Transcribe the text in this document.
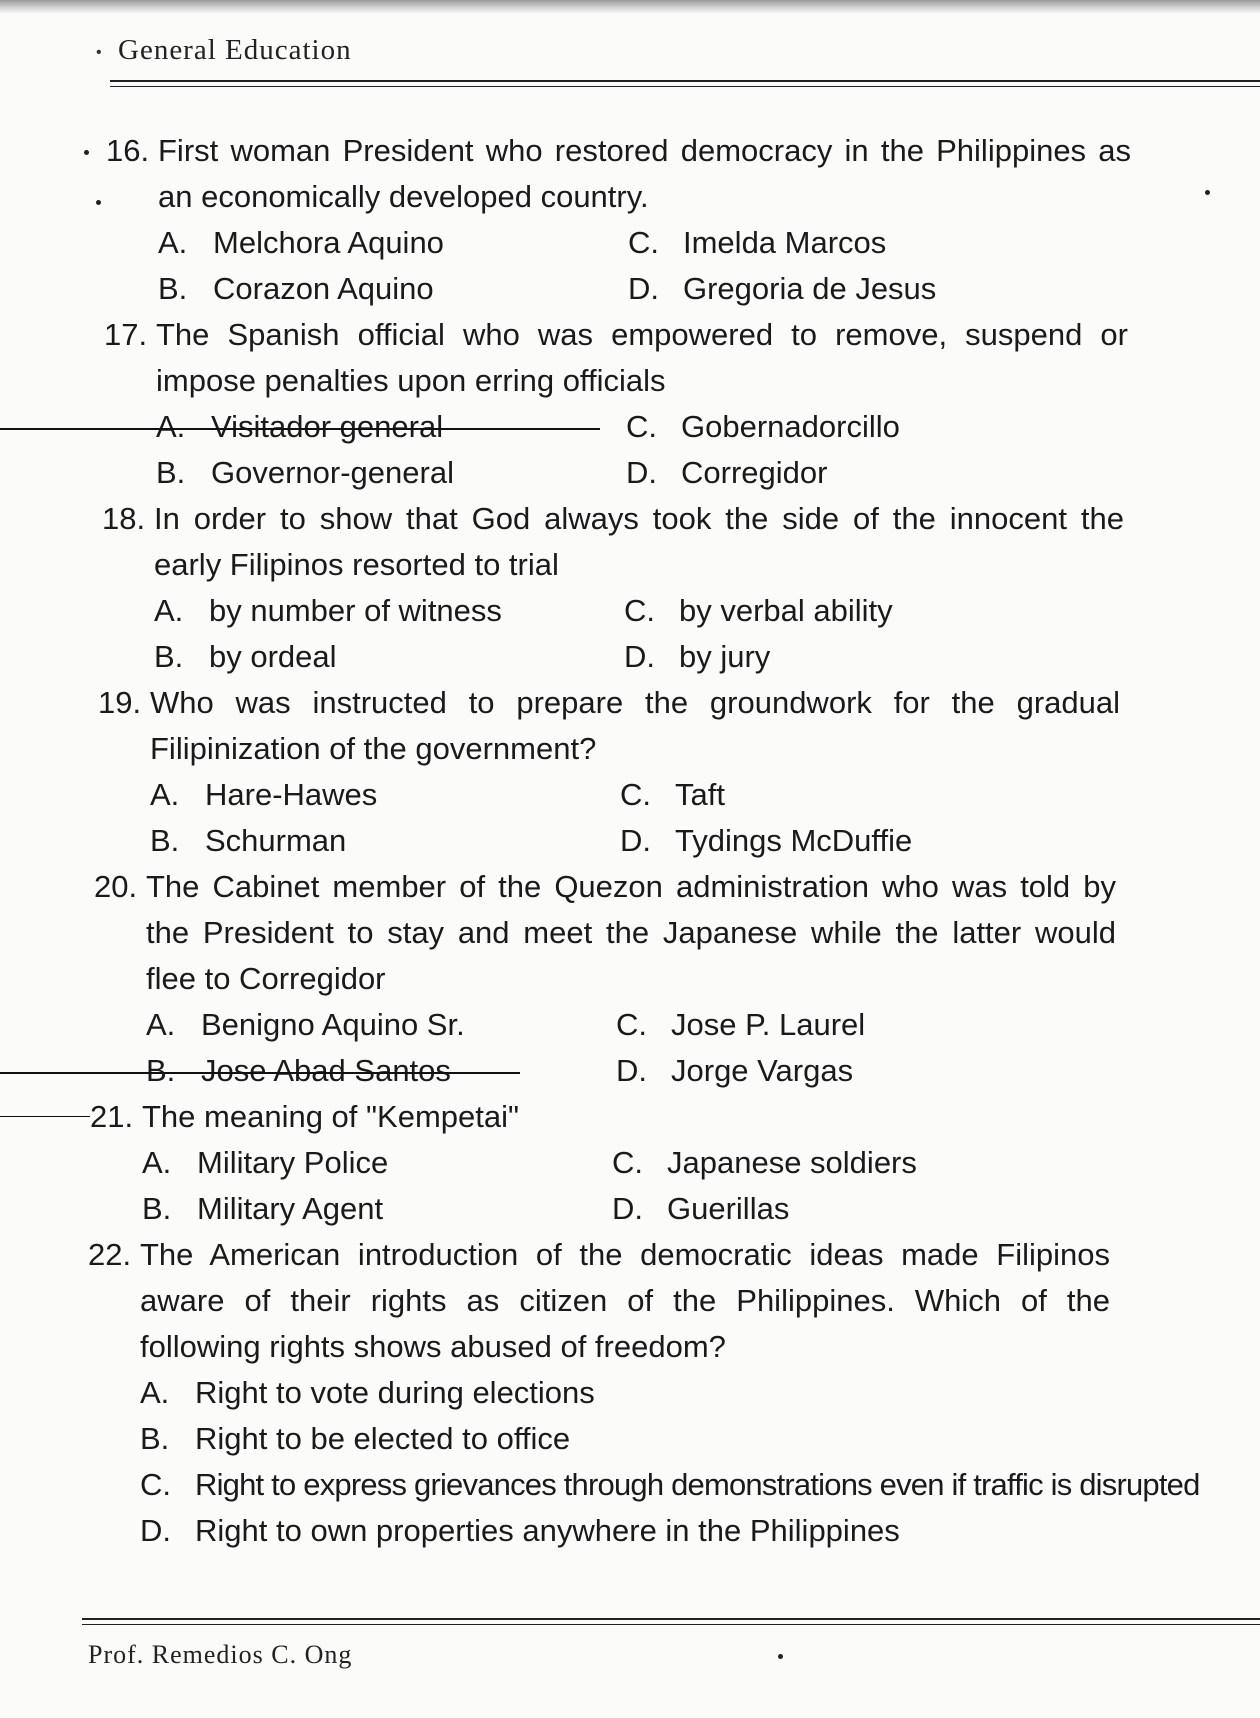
• General Education
16. First woman President who restored democracy in the Philippines as an economically developed country.
A. Melchora Aquino	C. Imelda Marcos
B. Corazon Aquino	D. Gregoria de Jesus
17. The Spanish official who was empowered to remove, suspend or impose penalties upon erring officials
A. Visitador general	C. Gobernadorcillo
B. Governor-general	D. Corregidor
18. In order to show that God always took the side of the innocent the early Filipinos resorted to trial
A. by number of witness	C. by verbal ability
B. by ordeal	D. by jury
19. Who was instructed to prepare the groundwork for the gradual Filipinization of the government?
A. Hare-Hawes	C. Taft
B. Schurman	D. Tydings McDuffie
20. The Cabinet member of the Quezon administration who was told by the President to stay and meet the Japanese while the latter would flee to Corregidor
A. Benigno Aquino Sr.	C. Jose P. Laurel
B. Jose Abad Santos	D. Jorge Vargas
21. The meaning of "Kempetai"
A. Military Police	C. Japanese soldiers
B. Military Agent	D. Guerillas
22. The American introduction of the democratic ideas made Filipinos aware of their rights as citizen of the Philippines. Which of the following rights shows abused of freedom?
A. Right to vote during elections
B. Right to be elected to office
C. Right to express grievances through demonstrations even if traffic is disrupted
D. Right to own properties anywhere in the Philippines
Prof. Remedios C. Ong
